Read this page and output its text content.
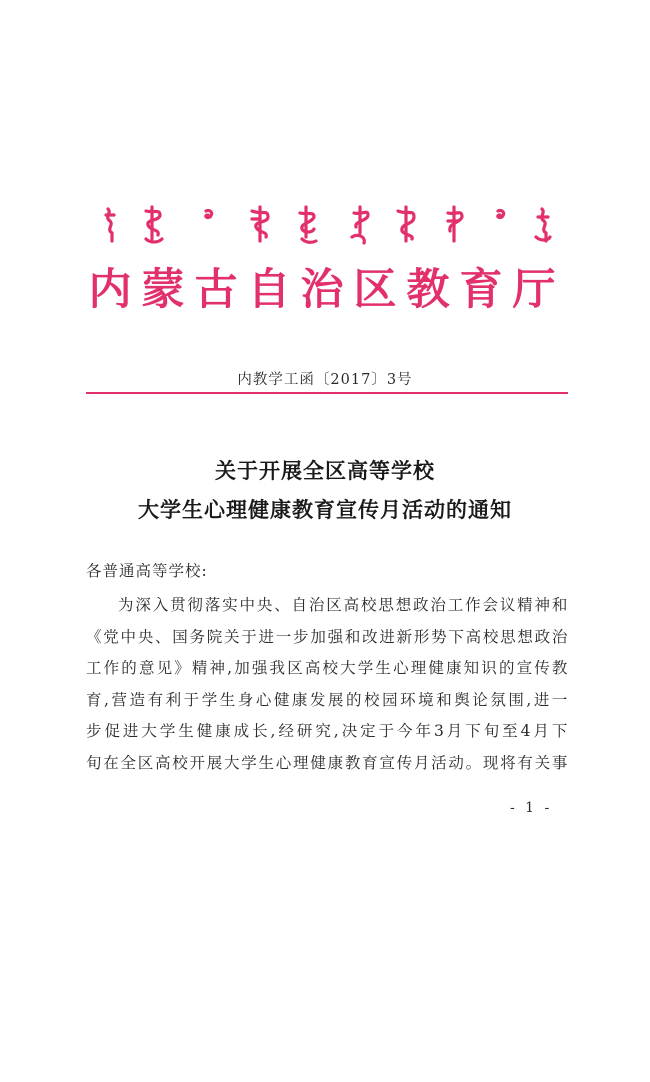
内蒙古自治区教育厅
内教学工函〔2017〕3号
关于开展全区高等学校
大学生心理健康教育宣传月活动的通知
各普通高等学校:
为深入贯彻落实中央、自治区高校思想政治工作会议精神和
《党中央、国务院关于进一步加强和改进新形势下高校思想政治
工作的意见》精神,加强我区高校大学生心理健康知识的宣传教
育,营造有利于学生身心健康发展的校园环境和舆论氛围,进一
步促进大学生健康成长,经研究,决定于今年3月下旬至4月下
旬在全区高校开展大学生心理健康教育宣传月活动。现将有关事
- 1 -
